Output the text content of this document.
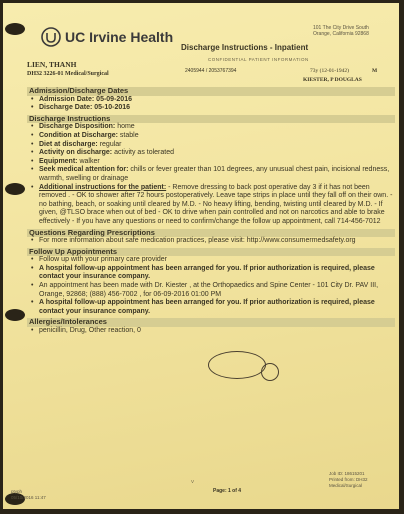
UC Irvine Health
101 The City Drive South
Orange, California 92868
Discharge Instructions - Inpatient
CONFIDENTIAL PATIENT INFORMATION
LIEN, THANH
2405944 / 2053767394	73y (12-01-1942)	M
DH32 3226-01 Medical/Surgical
KIESTER, P DOUGLAS
Admission/Discharge Dates
• Admission Date: 05-09-2016
• Discharge Date: 05-10-2016
Discharge Instructions
• Discharge Disposition: home
• Condition at Discharge: stable
• Diet at discharge: regular
• Activity on discharge: activity as tolerated
• Equipment: walker
• Seek medical attention for: chills or fever greater than 101 degrees, any unusual chest pain, incisional redness, warmth, swelling or drainage
• Additional instructions for the patient: - Remove dressing to back post operative day 3 if it has not been removed . - OK to shower after 72 hours postoperatively. Leave tape strips in place until they fall off on their own. - no bathing, beach, or soaking until cleared by M.D. - No heavy lifting, bending, twisting until cleared by M.D. - If given, @TLSO brace when out of bed - OK to drive when pain controlled and not on narcotics and able to brake effectively - If you have any questions or need to confirm/change the follow up appointment, call 714-456-7012
Questions Regarding Prescriptions
• For more information about safe medication practices, please visit: http://www.consumermedsafety.org
Follow Up Appointments
• Follow up with your primary care provider
• A hospital follow-up appointment has been arranged for you. If prior authorization is required, please contact your insurance company.
• An appointment has been made with Dr. Kiester , at the Orthopaedics and Spine Center - 101 City Dr. PAV III, Orange, 92868; (888) 456-7002 , for 06-09-2016 01:00 PM
• A hospital follow-up appointment has been arranged for you. If prior authorization is required, please contact your insurance company.
Allergies/Intolerances
• penicillin, Drug, Other reaction, 0
ptyph
05/10/2016 11:47
V
Page: 1 of 4
Job ID: 18615201
Printed from: DH32 Medical/Surgical
